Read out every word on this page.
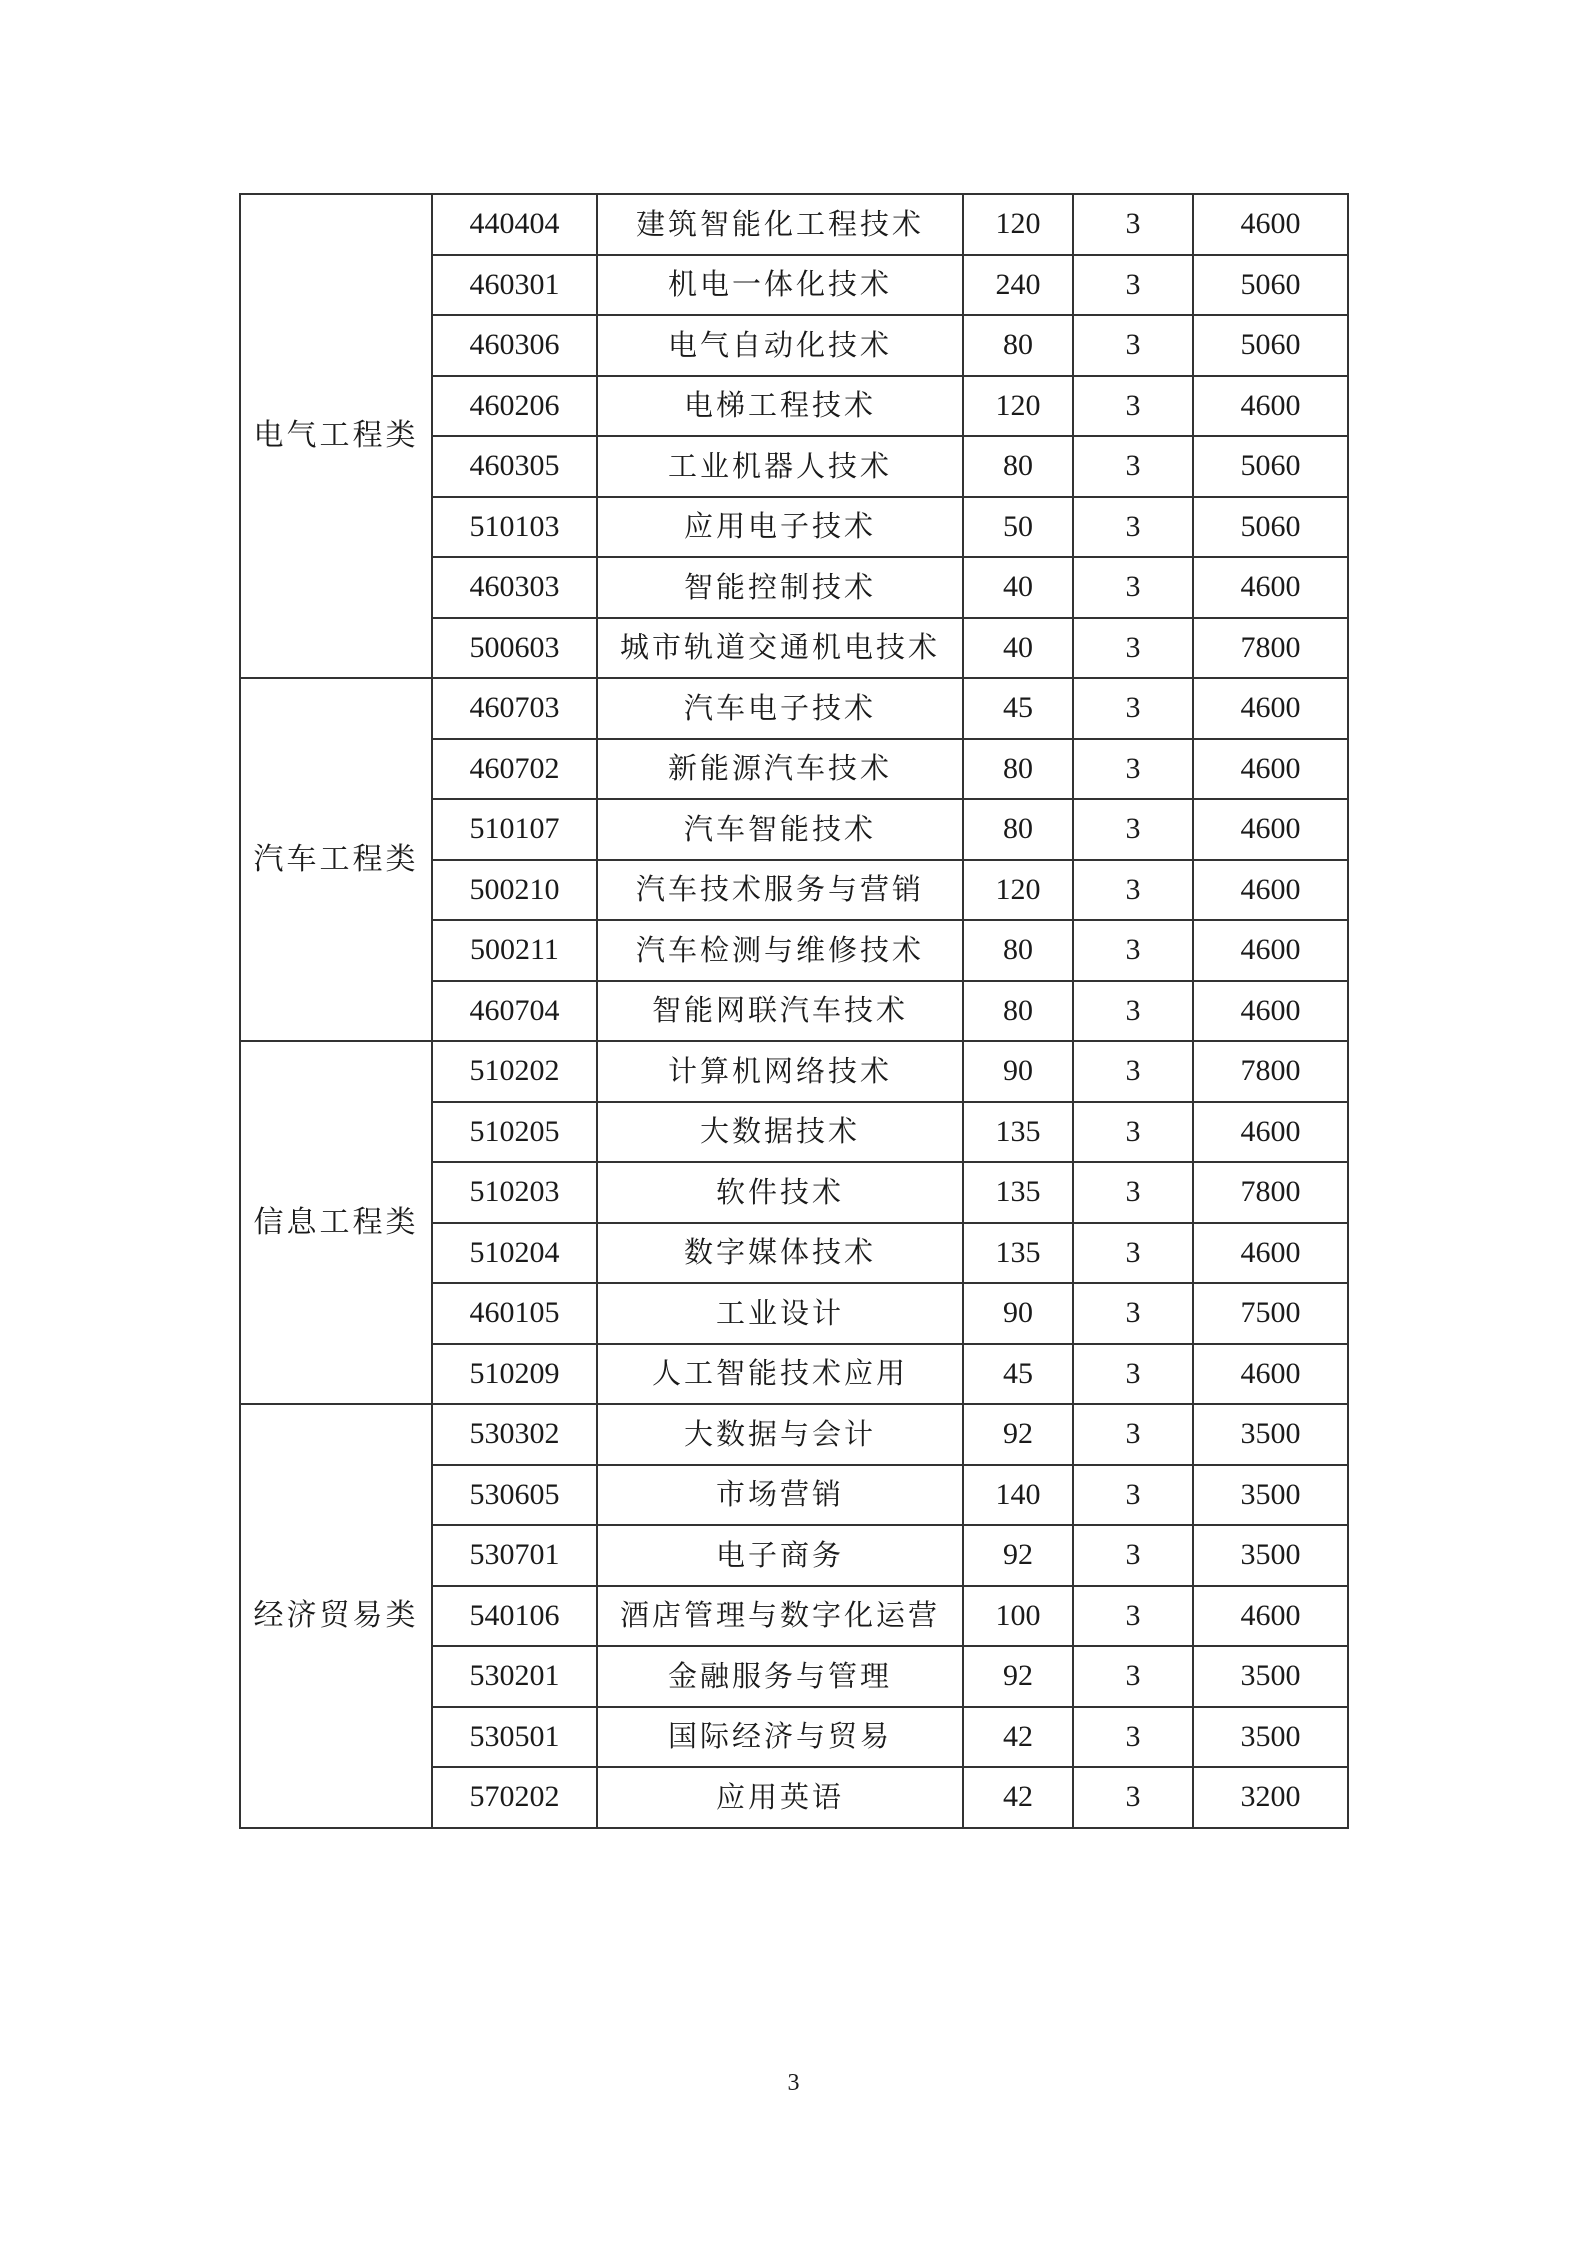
电气工程类	440404	建筑智能化工程技术	120	3	4600
	460301	机电一体化技术	240	3	5060
	460306	电气自动化技术	80	3	5060
	460206	电梯工程技术	120	3	4600
	460305	工业机器人技术	80	3	5060
	510103	应用电子技术	50	3	5060
	460303	智能控制技术	40	3	4600
	500603	城市轨道交通机电技术	40	3	7800
汽车工程类	460703	汽车电子技术	45	3	4600
	460702	新能源汽车技术	80	3	4600
	510107	汽车智能技术	80	3	4600
	500210	汽车技术服务与营销	120	3	4600
	500211	汽车检测与维修技术	80	3	4600
	460704	智能网联汽车技术	80	3	4600
信息工程类	510202	计算机网络技术	90	3	7800
	510205	大数据技术	135	3	4600
	510203	软件技术	135	3	7800
	510204	数字媒体技术	135	3	4600
	460105	工业设计	90	3	7500
	510209	人工智能技术应用	45	3	4600
经济贸易类	530302	大数据与会计	92	3	3500
	530605	市场营销	140	3	3500
	530701	电子商务	92	3	3500
	540106	酒店管理与数字化运营	100	3	4600
	530201	金融服务与管理	92	3	3500
	530501	国际经济与贸易	42	3	3500
	570202	应用英语	42	3	3200
3
